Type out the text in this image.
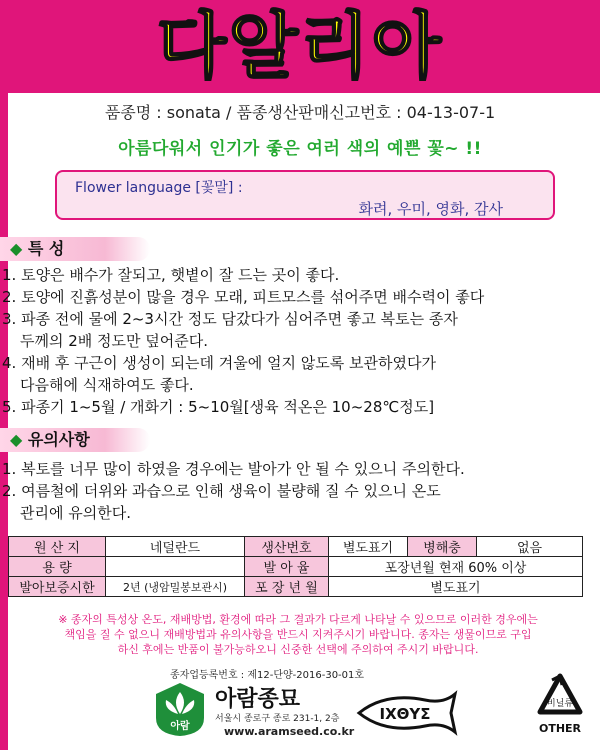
다알리아
품종명 : sonata / 품종생산판매신고번호 : 04-13-07-1
아름다워서 인기가 좋은 여러 색의 예쁜 꽃~ !!
Flower language [꽃말] :
화려, 우미, 영화, 감사
◆ 특 성
1. 토양은 배수가 잘되고, 햇볕이 잘 드는 곳이 좋다.
2. 토양에 진흙성분이 많을 경우 모래, 피트모스를 섞어주면 배수력이 좋다
3. 파종 전에 물에 2~3시간 정도 담갔다가 심어주면 좋고 복토는 종자
두께의 2배 정도만 덮어준다.
4. 재배 후 구근이 생성이 되는데 겨울에 얼지 않도록 보관하였다가
다음해에 식재하여도 좋다.
5. 파종기 1~5월 / 개화기 : 5~10월[생육 적온은 10~28℃정도]
◆ 유의사항
1. 복토를 너무 많이 하였을 경우에는 발아가 안 될 수 있으니 주의한다.
2. 여름철에 더위와 과습으로 인해 생육이 불량해 질 수 있으니 온도
관리에 유의한다.
원 산 지	네덜란드	생산번호	별도표기	병해충	없음
용 량		발 아 율	포장년월 현재 60% 이상		
발아보증시한	2년 (냉암밀봉보관시)	포 장 년 월	별도표기		
※ 종자의 특성상 온도, 재배방법, 환경에 따라 그 결과가 다르게 나타날 수 있으므로 이러한 경우에는
책임을 질 수 없으니 재배방법과 유의사항을 반드시 지켜주시기 바랍니다. 종자는 생물이므로 구입
하신 후에는 반품이 불가능하오니 신중한 선택에 주의하여 주시기 바랍니다.
종자업등록번호 : 제12-단양-2016-30-01호
아람
아람종묘
서울시 종로구 종로 231-1, 2층
www.aramseed.co.kr
ΙΧΘΥΣ
비닐류
OTHER
